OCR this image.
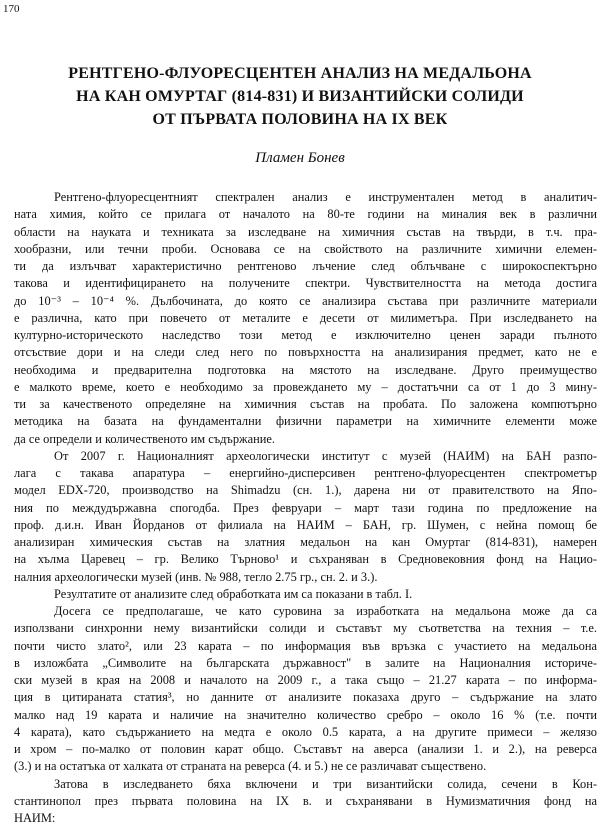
170
РЕНТГЕНО-ФЛУОРЕСЦЕНТЕН АНАЛИЗ НА МЕДАЛЬОНА
НА КАН ОМУРТАГ (814-831) И ВИЗАНТИЙСКИ СОЛИДИ
ОТ ПЪРВАТА ПОЛОВИНА НА IX ВЕК
Пламен Бонев
Рентгено-флуоресцентният спектрален анализ е инструментален метод в аналитич-
ната химия, който се прилага от началото на 80-те години на миналия век в различни
области на науката и техниката за изследване на химичния състав на твърди, в т.ч. пра-
хообразни, или течни проби. Основава се на свойството на различните химични елемен-
ти да излъчват характеристично рентгеново лъчение след облъчване с широкоспектърно
такова и идентифицирането на получените спектри. Чувствителността на метода достига
до 10⁻³ – 10⁻⁴ %. Дълбочината, до която се анализира състава при различните материали
е различна, като при повечето от металите е десети от милиметъра. При изследването на
културно-историческото наследство този метод е изключително ценен заради пълното
отсъствие дори и на следи след него по повърхността на анализирания предмет, като не е
необходима и предварителна подготовка на мястото на изследване. Друго преимущество
е малкото време, което е необходимо за провеждането му – достатъчни са от 1 до 3 мину-
ти за качественото определяне на химичния състав на пробата. По заложена компютърно
методика на базата на фундаментални физични параметри на химичните елементи може
да се определи и количественото им съдържание.
От 2007 г. Националният археологически институт с музей (НАИМ) на БАН разпо-
лага с такава апаратура – енергийно-дисперсивен рентгено-флуоресцентен спектрометър
модел EDX-720, производство на Shimadzu (сн. 1.), дарена ни от правителството на Япо-
ния по междудържавна спогодба. През февруари – март тази година по предложение на
проф. д.и.н. Иван Йорданов от филиала на НАИМ – БАН, гр. Шумен, с нейна помощ бе
анализиран химическия състав на златния медальон на кан Омуртаг (814-831), намерен
на хълма Царевец – гр. Велико Търново¹ и съхраняван в Средновековния фонд на Нацио-
налния археологически музей (инв. № 988, тегло 2.75 гр., сн. 2. и 3.).
Резултатите от анализите след обработката им са показани в табл. I.
Досега се предполагаше, че като суровина за изработката на медальона може да са
използвани синхронни нему византийски солиди и съставът му съответства на техния – т.е.
почти чисто злато², или 23 карата – по информация във връзка с участието на медальона
в изложбата „Символите на българската държавност" в залите на Националния историче-
ски музей в края на 2008 и началото на 2009 г., а така също – 21.27 карата – по информа-
ция в цитираната статия³, но данните от анализите показаха друго – съдържание на злато
малко над 19 карата и наличие на значително количество сребро – около 16 % (т.е. почти
4 карата), като съдържанието на медта е около 0.5 карата, а на другите примеси – желязо
и хром – по-малко от половин карат общо. Съставът на аверса (анализи 1. и 2.), на реверса
(3.) и на остатъка от халката от страната на реверса (4. и 5.) не се различават съществено.
Затова в изследването бяха включени и три византийски солида, сечени в Кон-
стантинопол през първата половина на IX в. и съхранявани в Нумизматичния фонд на
НАИМ:
